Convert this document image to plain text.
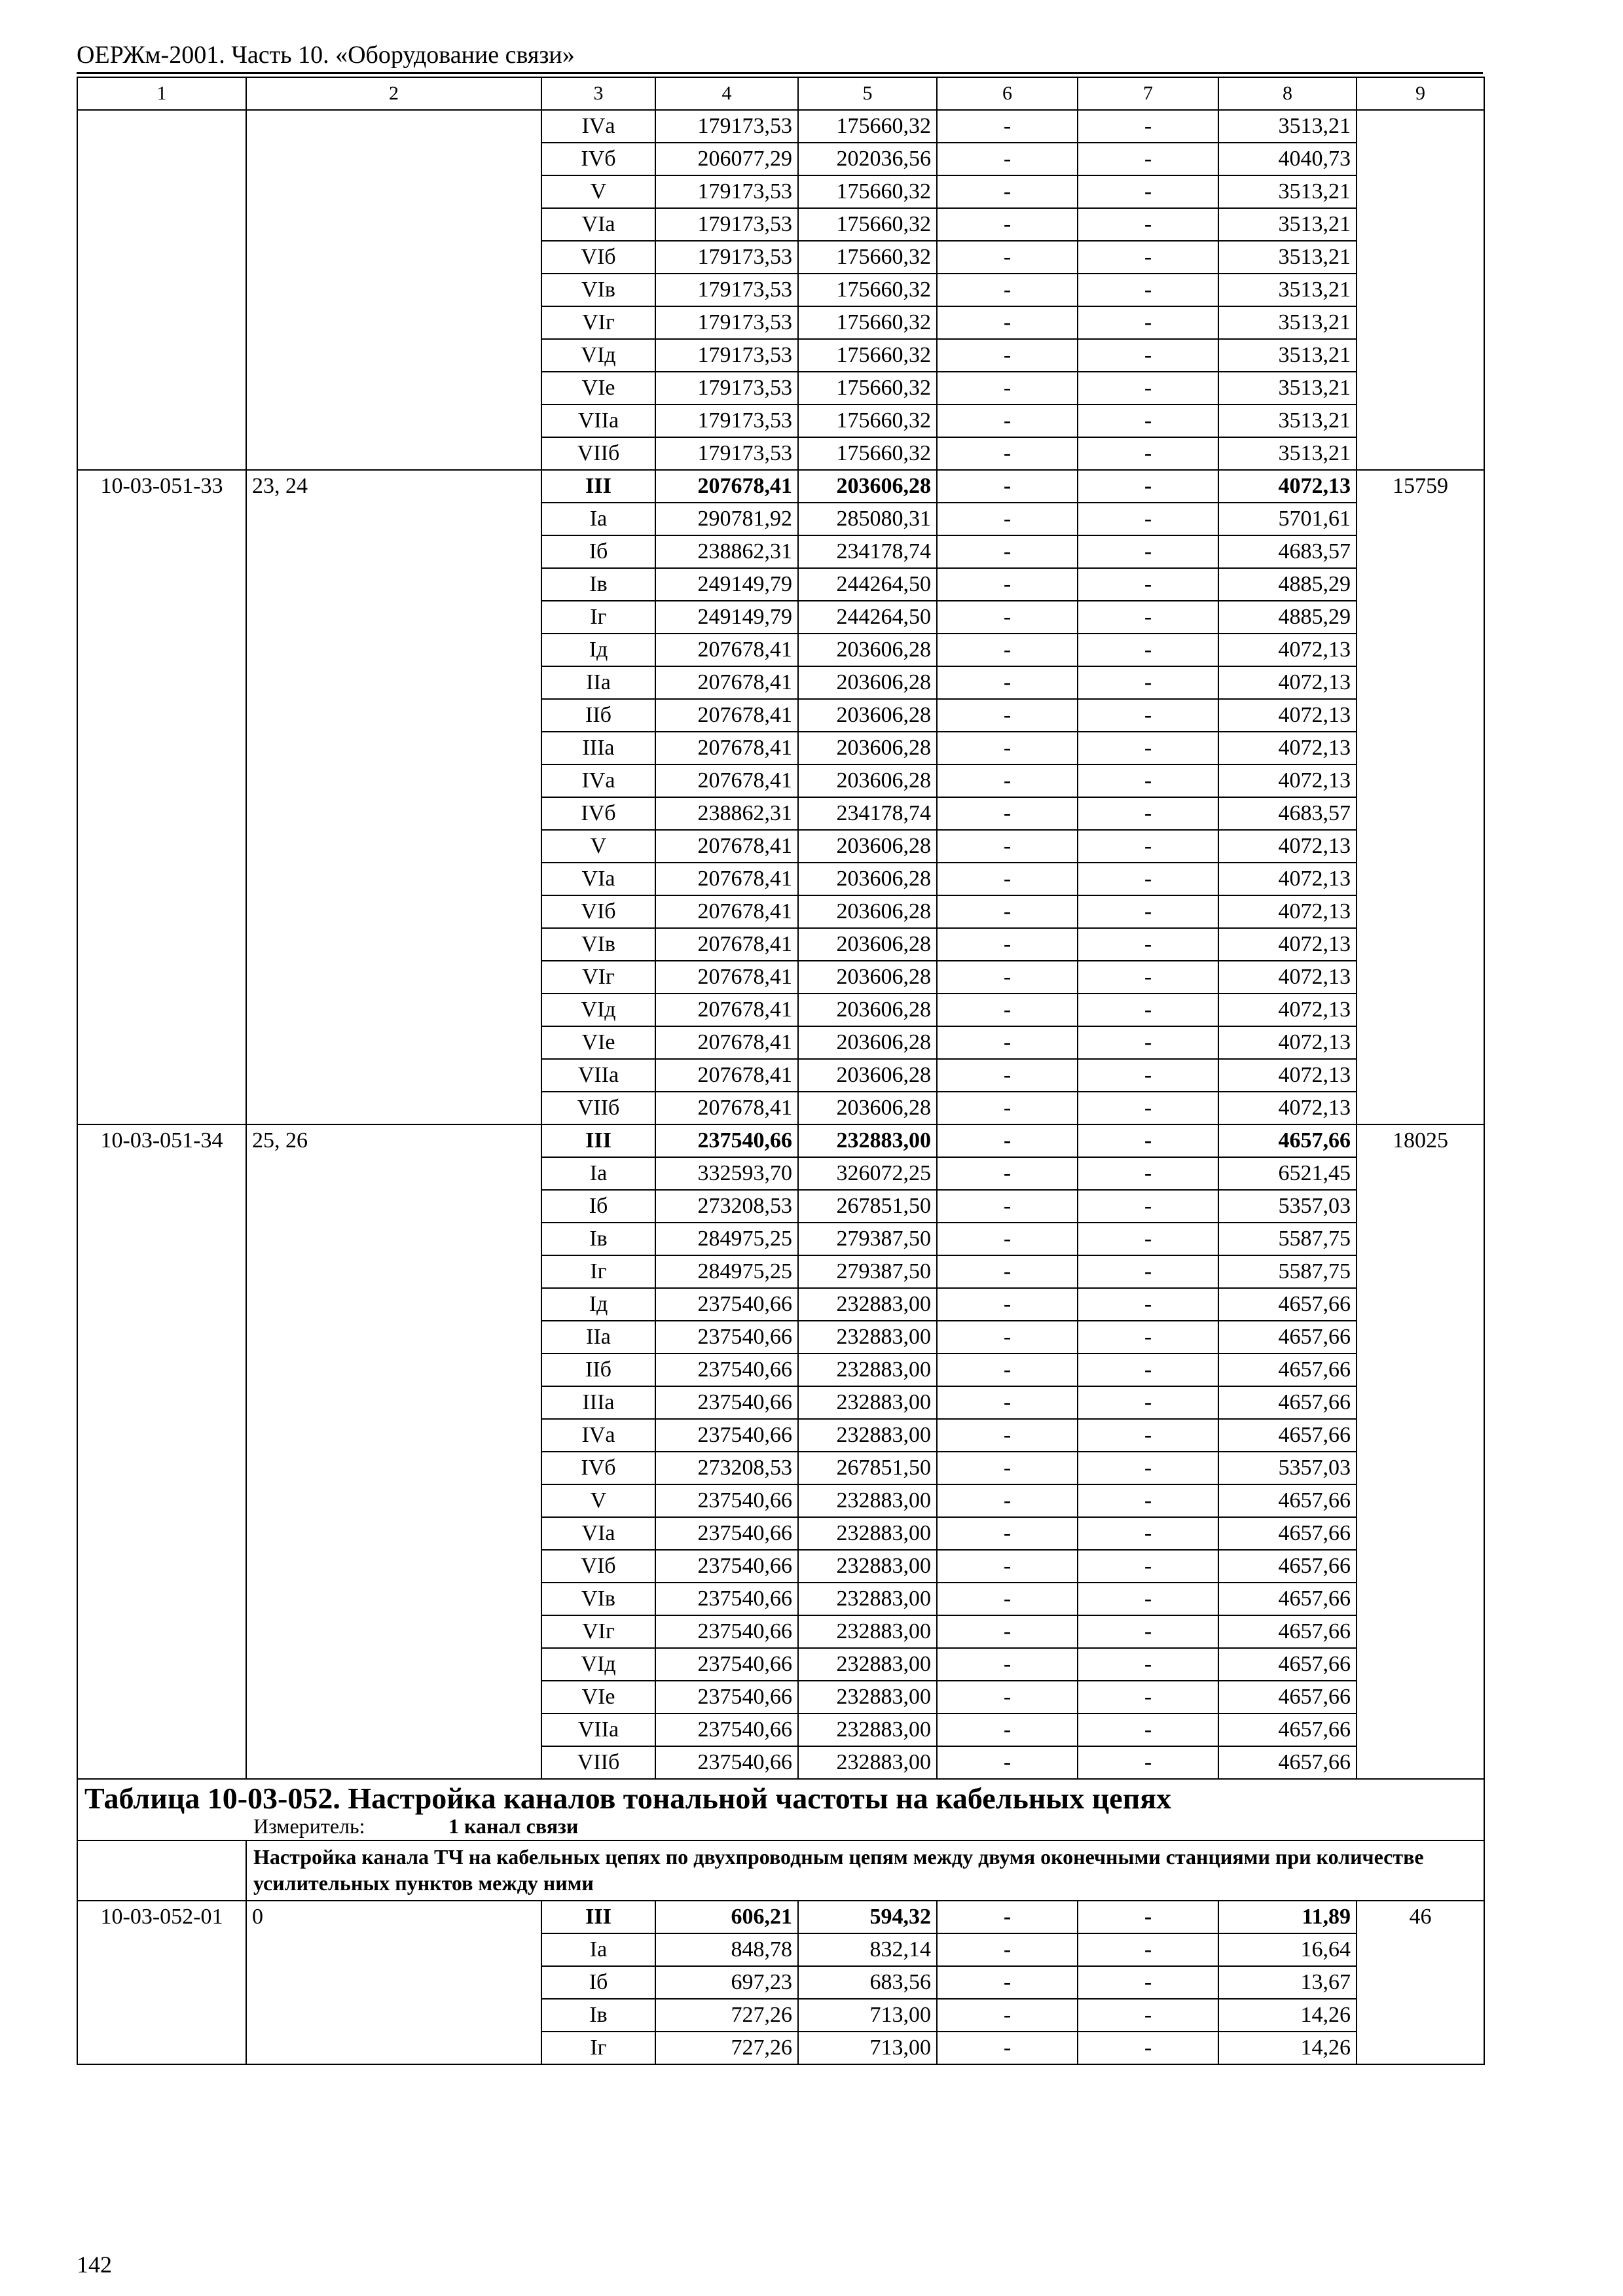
ОЕРЖм-2001. Часть 10. «Оборудование связи»
1	2	3	4	5	6	7	8	9
		IVа	179173,53	175660,32	-	-	3513,21	
		IVб	206077,29	202036,56	-	-	4040,73	
		V	179173,53	175660,32	-	-	3513,21	
		VIа	179173,53	175660,32	-	-	3513,21	
		VIб	179173,53	175660,32	-	-	3513,21	
		VIв	179173,53	175660,32	-	-	3513,21	
		VIг	179173,53	175660,32	-	-	3513,21	
		VIд	179173,53	175660,32	-	-	3513,21	
		VIе	179173,53	175660,32	-	-	3513,21	
		VIIа	179173,53	175660,32	-	-	3513,21	
		VIIб	179173,53	175660,32	-	-	3513,21	
10-03-051-33	23, 24	III	207678,41	203606,28	-	-	4072,13	15759
		Iа	290781,92	285080,31	-	-	5701,61	
		Iб	238862,31	234178,74	-	-	4683,57	
		Iв	249149,79	244264,50	-	-	4885,29	
		Iг	249149,79	244264,50	-	-	4885,29	
		Iд	207678,41	203606,28	-	-	4072,13	
		IIа	207678,41	203606,28	-	-	4072,13	
		IIб	207678,41	203606,28	-	-	4072,13	
		IIIа	207678,41	203606,28	-	-	4072,13	
		IVа	207678,41	203606,28	-	-	4072,13	
		IVб	238862,31	234178,74	-	-	4683,57	
		V	207678,41	203606,28	-	-	4072,13	
		VIа	207678,41	203606,28	-	-	4072,13	
		VIб	207678,41	203606,28	-	-	4072,13	
		VIв	207678,41	203606,28	-	-	4072,13	
		VIг	207678,41	203606,28	-	-	4072,13	
		VIд	207678,41	203606,28	-	-	4072,13	
		VIе	207678,41	203606,28	-	-	4072,13	
		VIIа	207678,41	203606,28	-	-	4072,13	
		VIIб	207678,41	203606,28	-	-	4072,13	
10-03-051-34	25, 26	III	237540,66	232883,00	-	-	4657,66	18025
		Iа	332593,70	326072,25	-	-	6521,45	
		Iб	273208,53	267851,50	-	-	5357,03	
		Iв	284975,25	279387,50	-	-	5587,75	
		Iг	284975,25	279387,50	-	-	5587,75	
		Iд	237540,66	232883,00	-	-	4657,66	
		IIа	237540,66	232883,00	-	-	4657,66	
		IIб	237540,66	232883,00	-	-	4657,66	
		IIIа	237540,66	232883,00	-	-	4657,66	
		IVа	237540,66	232883,00	-	-	4657,66	
		IVб	273208,53	267851,50	-	-	5357,03	
		V	237540,66	232883,00	-	-	4657,66	
		VIа	237540,66	232883,00	-	-	4657,66	
		VIб	237540,66	232883,00	-	-	4657,66	
		VIв	237540,66	232883,00	-	-	4657,66	
		VIг	237540,66	232883,00	-	-	4657,66	
		VIд	237540,66	232883,00	-	-	4657,66	
		VIе	237540,66	232883,00	-	-	4657,66	
		VIIа	237540,66	232883,00	-	-	4657,66	
		VIIб	237540,66	232883,00	-	-	4657,66	

Таблица 10-03-052. Настройка каналов тональной частоты на кабельных цепях
Измеритель: 1 канал связи								

	Настройка канала ТЧ на кабельных цепях по двухпроводным цепям между двумя оконечными станциями при количестве усилительных пунктов между ними							
10-03-052-01	0	III	606,21	594,32	-	-	11,89	46
		Iа	848,78	832,14	-	-	16,64	
		Iб	697,23	683,56	-	-	13,67	
		Iв	727,26	713,00	-	-	14,26	
		Iг	727,26	713,00	-	-	14,26	
142
